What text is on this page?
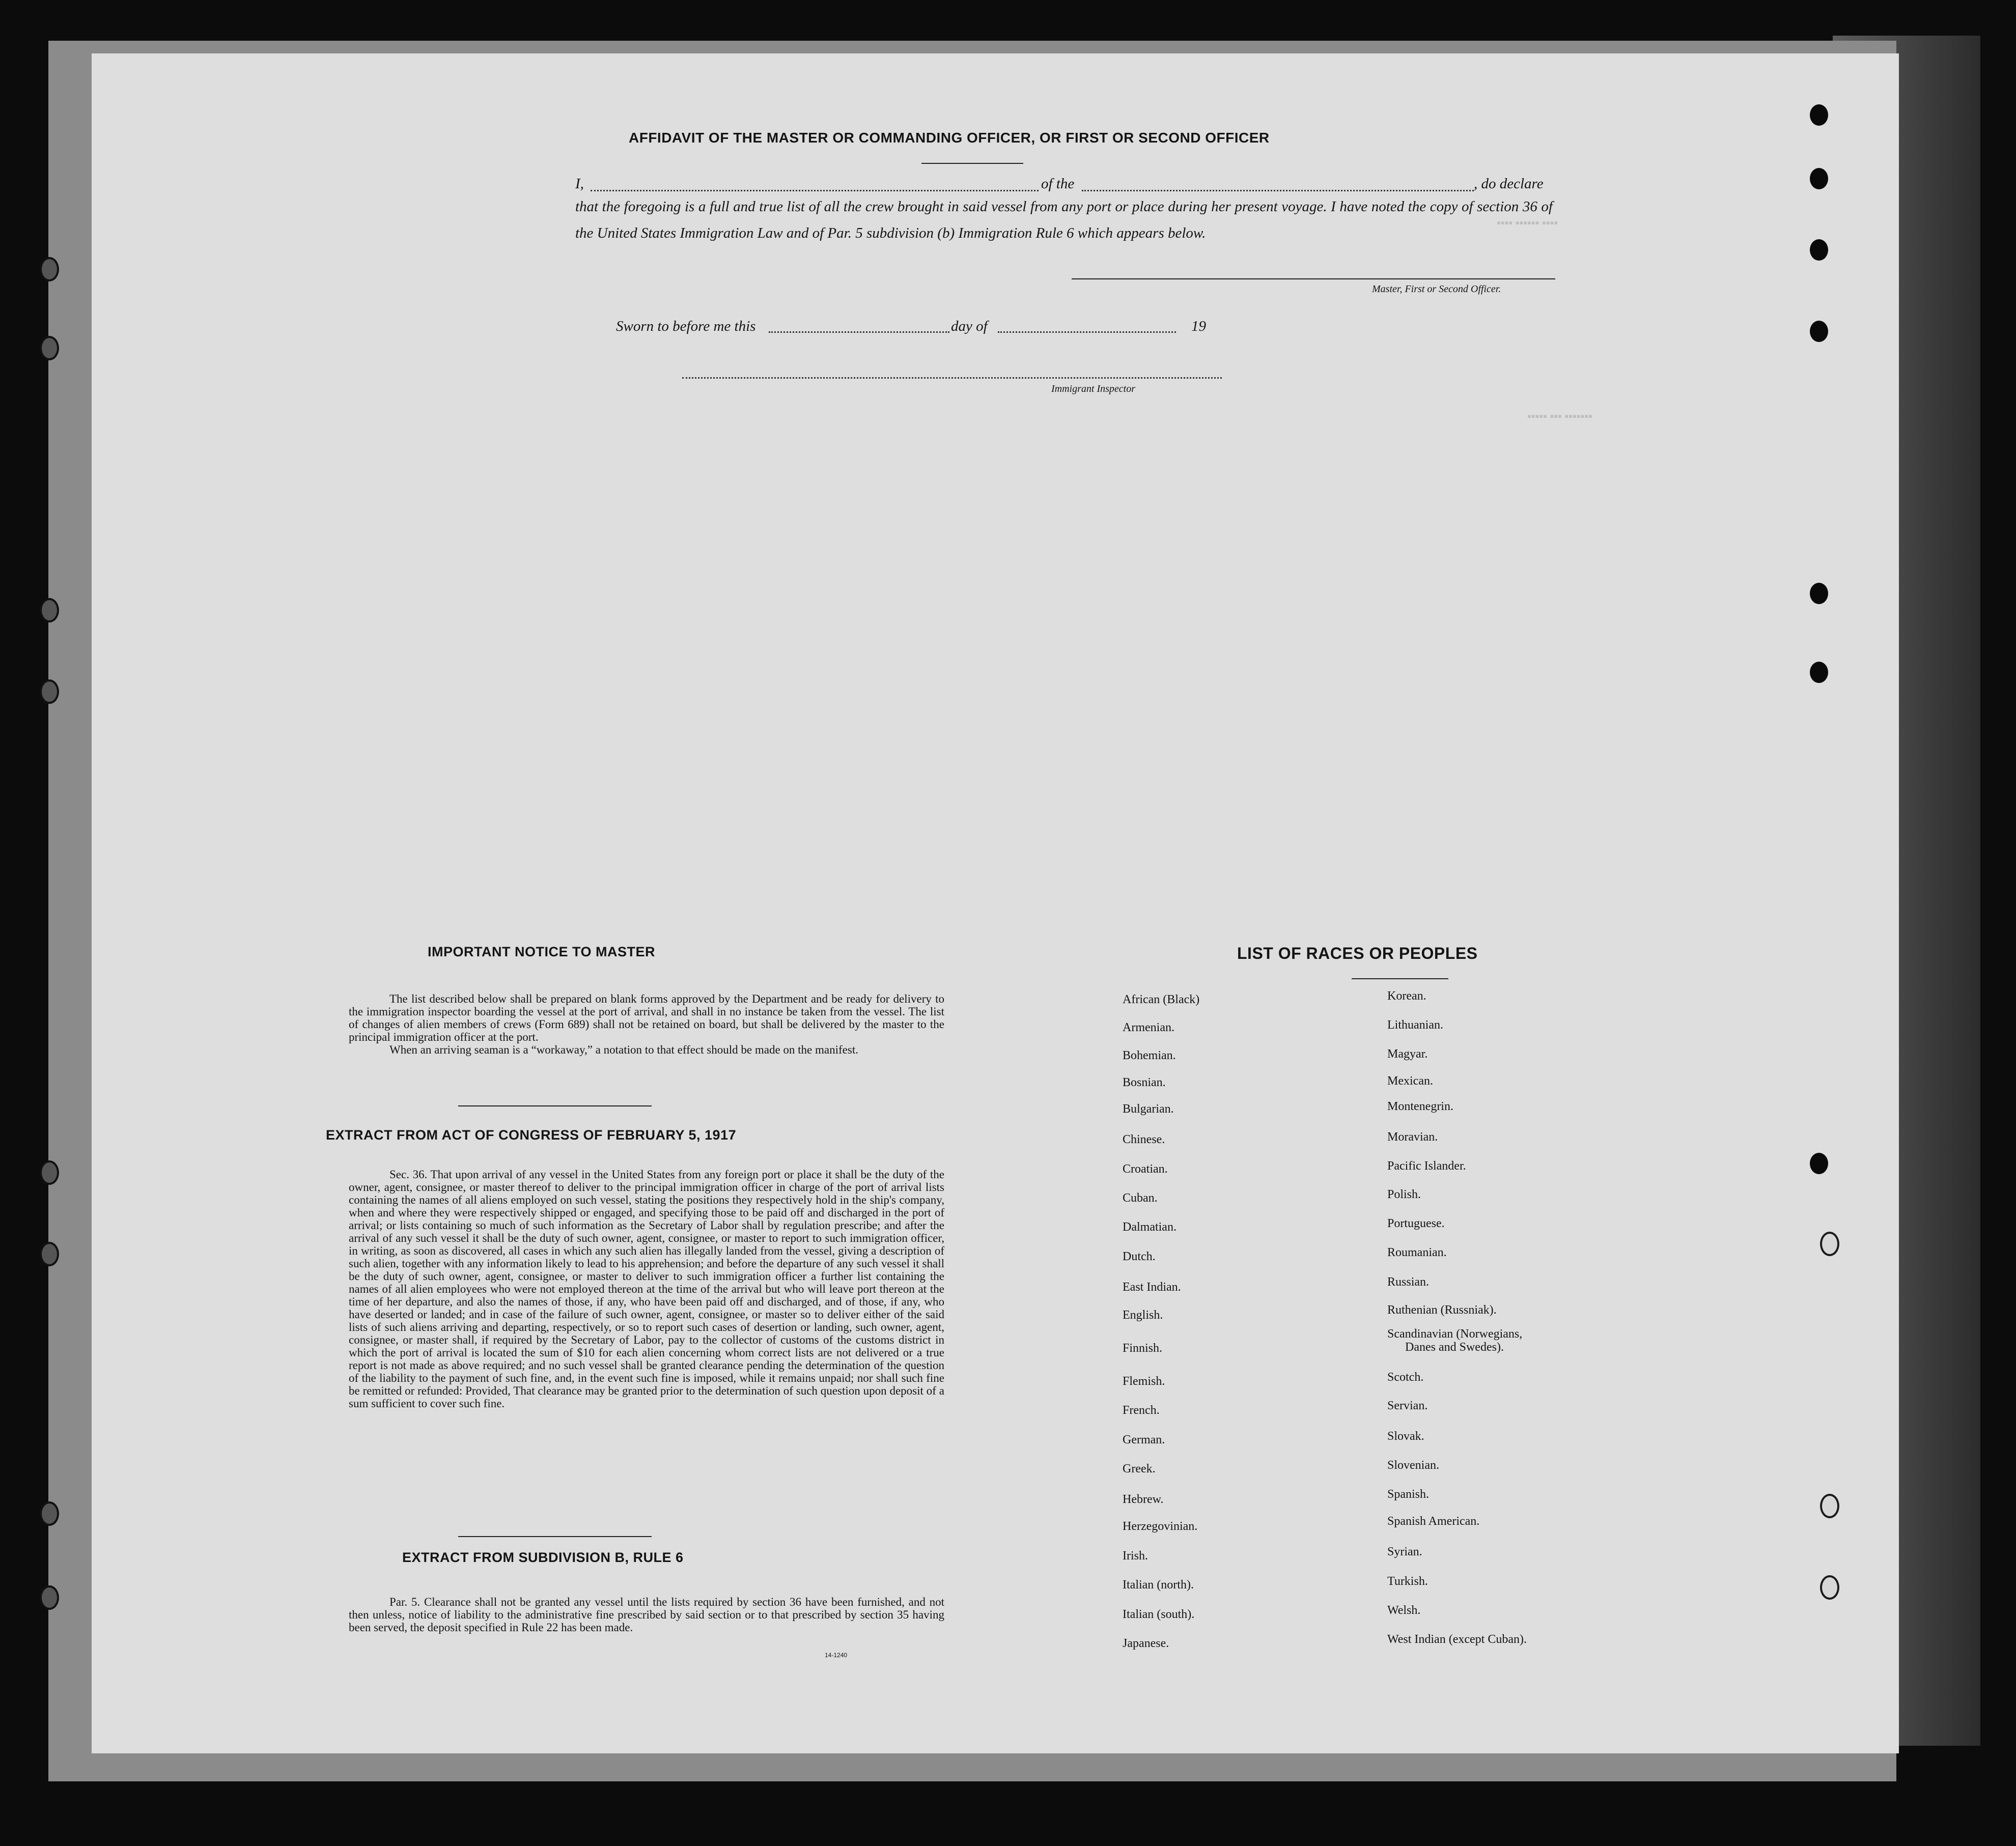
▪▪▪▪ ▪▪▪▪▪▪ ▪▪▪▪
▪▪▪▪▪ ▪▪▪ ▪▪▪▪▪▪▪
AFFIDAVIT OF THE MASTER OR COMMANDING OFFICER, OR FIRST OR SECOND OFFICER
I,	of the	, do declare
that the foregoing is a full and true list of all the crew brought in said vessel from any port or place during her present voyage. I have noted the copy of section 36 of the United States Immigration Law and of Par. 5 subdivision (b) Immigration Rule 6 which appears below.
Master, First or Second Officer.
Sworn to before me this	day of	19
Immigrant Inspector
IMPORTANT NOTICE TO MASTER

The list described below shall be prepared on blank forms approved by the Department and be ready for delivery to the immigration inspector boarding the vessel at the port of arrival, and shall in no instance be taken from the vessel. The list of changes of alien members of crews (Form 689) shall not be retained on board, but shall be delivered by the master to the principal immigration officer at the port.

When an arriving seaman is a “workaway,” a notation to that effect should be made on the manifest.

EXTRACT FROM ACT OF CONGRESS OF FEBRUARY 5, 1917

Sec. 36. That upon arrival of any vessel in the United States from any foreign port or place it shall be the duty of the owner, agent, consignee, or master thereof to deliver to the principal immigration officer in charge of the port of arrival lists containing the names of all aliens employed on such vessel, stating the positions they respectively hold in the ship's company, when and where they were respectively shipped or engaged, and specifying those to be paid off and discharged in the port of arrival; or lists containing so much of such information as the Secretary of Labor shall by regulation prescribe; and after the arrival of any such vessel it shall be the duty of such owner, agent, consignee, or master to report to such immigration officer, in writing, as soon as discovered, all cases in which any such alien has illegally landed from the vessel, giving a description of such alien, together with any information likely to lead to his apprehension; and before the departure of any such vessel it shall be the duty of such owner, agent, consignee, or master to deliver to such immigration officer a further list containing the names of all alien employees who were not employed thereon at the time of the arrival but who will leave port thereon at the time of her departure, and also the names of those, if any, who have been paid off and discharged, and of those, if any, who have deserted or landed; and in case of the failure of such owner, agent, consignee, or master so to deliver either of the said lists of such aliens arriving and departing, respectively, or so to report such cases of desertion or landing, such owner, agent, consignee, or master shall, if required by the Secretary of Labor, pay to the collector of customs of the customs district in which the port of arrival is located the sum of $10 for each alien concerning whom correct lists are not delivered or a true report is not made as above required; and no such vessel shall be granted clearance pending the determination of the question of the liability to the payment of such fine, and, in the event such fine is imposed, while it remains unpaid; nor shall such fine be remitted or refunded: Provided, That clearance may be granted prior to the determination of such question upon deposit of a sum sufficient to cover such fine.

EXTRACT FROM SUBDIVISION B, RULE 6

Par. 5. Clearance shall not be granted any vessel until the lists required by section 36 have been furnished, and not then unless, notice of liability to the administrative fine prescribed by said section or to that prescribed by section 35 having been served, the deposit specified in Rule 22 has been made.

14-1240
LIST OF RACES OR PEOPLES
African (Black)
Armenian.
Bohemian.
Bosnian.
Bulgarian.
Chinese.
Croatian.
Cuban.
Dalmatian.
Dutch.
East Indian.
English.
Finnish.
Flemish.
French.
German.
Greek.
Hebrew.
Herzegovinian.
Irish.
Italian (north).
Italian (south).
Japanese.
Korean.
Lithuanian.
Magyar.
Mexican.
Montenegrin.
Moravian.
Pacific Islander.
Polish.
Portuguese.
Roumanian.
Russian.
Ruthenian (Russniak).
Scandinavian (Norwegians,
Danes and Swedes).
Scotch.
Servian.
Slovak.
Slovenian.
Spanish.
Spanish American.
Syrian.
Turkish.
Welsh.
West Indian (except Cuban).
